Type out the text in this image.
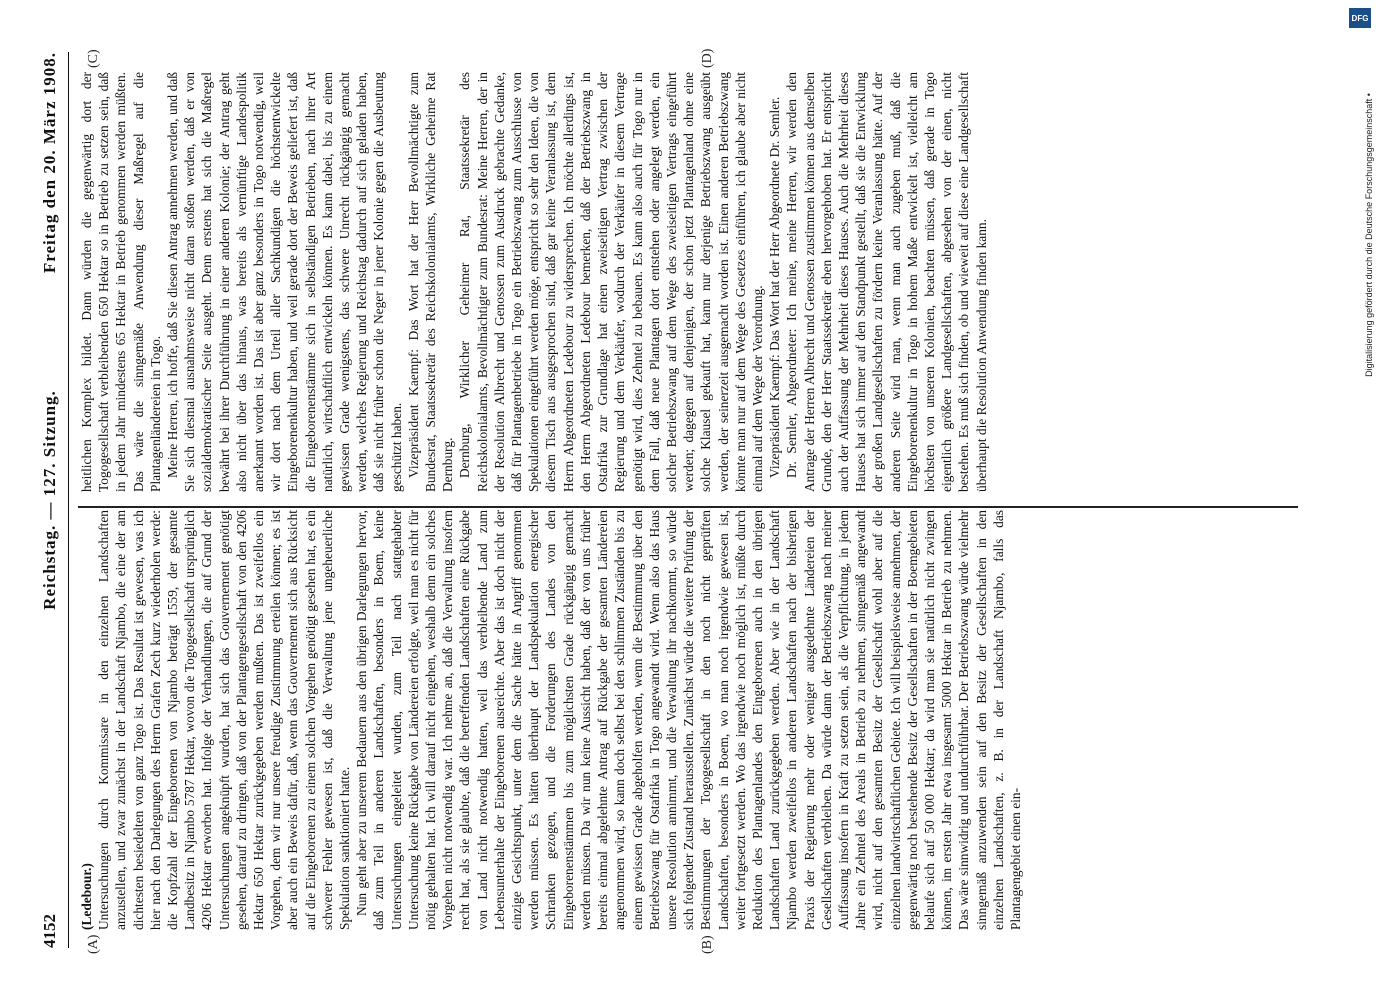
4152
Reichstag. — 127. Sitzung.
Freitag den 20. März 1908.
(A)	(B)
(C)	(D)

(Ledebour.) Untersuchungen durch Kommissare in den einzelnen Landschaften anzustellen, und zwar zunächst in der Landschaft Njambo, die eine der am dichtesten besiedelten von ganz Togo ist. Das Resultat ist gewesen, was ich hier nach den Darlegungen des Herrn Grafen Zech kurz wiederholen werde: die Kopfzahl der Eingeborenen von Njambo beträgt 1559, der gesamte Landbesitz in Njambo 5787 Hektar, wovon die Togogesellschaft ursprünglich 4206 Hektar erworben hat. Infolge der Verhandlungen, die auf Grund der Untersuchungen angeknüpft wurden, hat sich das Gouvernement genötigt gesehen, darauf zu dringen, daß von der Plantagengesellschaft von den 4206 Hektar 650 Hektar zurückgegeben werden mußten. Das ist zweifellos ein Vorgehen, dem wir nur unsere freudige Zustimmung erteilen können; es ist aber auch ein Beweis dafür, daß, wenn das Gouvernement sich aus Rücksicht auf die Eingeborenen zu einem solchen Vorgehen genötigt gesehen hat, es ein schwerer Fehler gewesen ist, daß die Verwaltung jene ungeheuerliche Spekulation sanktioniert hatte. Nun geht aber zu unserem Bedauern aus den übrigen Darlegungen hervor, daß zum Teil in anderen Landschaften, besonders in Boem, keine Untersuchungen eingeleitet wurden, zum Teil nach stattgehabter Untersuchung keine Rückgabe von Ländereien erfolgte, weil man es nicht für nötig gehalten hat. Ich will darauf nicht eingehen, weshalb denn ein solches Vorgehen nicht notwendig war. Ich nehme an, daß die Verwaltung insofern recht hat, als sie glaubte, daß die betreffenden Landschaften eine Rückgabe von Land nicht notwendig hatten, weil das verbleibende Land zum Lebensunterhalte der Eingeborenen ausreichte. Aber das ist doch nicht der einzige Gesichtspunkt, unter dem die Sache hätte in Angriff genommen werden müssen. Es hätten überhaupt der Landspekulation energischer Schranken gezogen, und die Forderungen des Landes von den Eingeborenenstämmen bis zum möglichsten Grade rückgängig gemacht werden müssen. Da wir nun keine Aussicht haben, daß der von uns früher bereits einmal abgelehnte Antrag auf Rückgabe der gesamten Ländereien angenommen wird, so kann doch selbst bei den schlimmen Zuständen bis zu einem gewissen Grade abgeholfen werden, wenn die Bestimmung über den Betriebszwang für Ostafrika in Togo angewandt wird. Wenn also das Haus unsere Resolution annimmt, und die Verwaltung ihr nachkommt, so würde sich folgender Zustand herausstellen. Zunächst würde die weitere Prüfung der Bestimmungen der Togogesellschaft in den noch nicht geprüften Landschaften, besonders in Boem, wo man noch irgendwie gewesen ist, weiter fortgesetzt werden. Wo das irgendwie noch möglich ist, müßte durch Reduktion des Plantagenlandes den Eingeborenen auch in den übrigen Landschaften Land zurückgegeben werden. Aber wie in der Landschaft Njambo werden zweifellos in anderen Landschaften nach der bisherigen Praxis der Regierung mehr oder weniger ausgedehnte Ländereien der Gesellschaften verbleiben. Da würde dann der Betriebszwang nach meiner Auffassung insofern in Kraft zu setzen sein, als die Verpflichtung, in jedem Jahre ein Zehntel des Areals in Betrieb zu nehmen, sinngemäß angewandt wird, nicht auf den gesamten Besitz der Gesellschaft wohl aber auf die einzelnen landwirtschaftlichen Gebiete. Ich will beispielsweise annehmen, der gegenwärtig noch bestehende Besitz der Gesellschaften in der Boemgebieten belaufe sich auf 50 000 Hektar; da wird man sie natürlich nicht zwingen können, im ersten Jahr etwa insgesamt 5000 Hektar in Betrieb zu nehmen. Das wäre sinnwidrig und undurchführbar. Der Betriebszwang würde vielmehr sinngemäß anzuwenden sein auf den Besitz der Gesellschaften in den einzelnen Landschaften, z. B. in der Landschaft Njambo, falls das Plantagengebiet einen ein-

heitlichen Komplex bildet. Dann würden die gegenwärtig dort der Togogesellschaft verbleibenden 650 Hektar so in Betrieb zu setzen sein, daß in jedem Jahr mindestens 65 Hektar in Betrieb genommen werden müßten. Das wäre die sinngemäße Anwendung dieser Maßregel auf die Plantagenländereien in Togo. Meine Herren, ich hoffe, daß Sie diesen Antrag annehmen werden, und daß Sie sich diesmal ausnahmsweise nicht daran stoßen werden, daß er von sozialdemokratischer Seite ausgeht. Denn erstens hat sich die Maßregel bewährt bei ihrer Durchführung in einer anderen Kolonie; der Antrag geht also nicht über das hinaus, was bereits als vernünftige Landespolitik anerkannt worden ist. Das ist aber ganz besonders in Togo notwendig, weil wir dort nach dem Urteil aller Sachkundigen die höchstentwickelte Eingeborenenkultur haben, und weil gerade dort der Beweis geliefert ist, daß die Eingeborenenstämme sich in selbständigen Betrieben, nach ihrer Art natürlich, wirtschaftlich entwickeln können. Es kann dabei, bis zu einem gewissen Grade wenigstens, das schwere Unrecht rückgängig gemacht werden, welches Regierung und Reichstag dadurch auf sich geladen haben, daß sie nicht früher schon die Neger in jener Kolonie gegen die Ausbeutung geschützt haben. Vizepräsident Kaempf: Das Wort hat der Herr Bevollmächtigte zum Bundesrat, Staatssekretär des Reichskolonialamts, Wirkliche Geheime Rat Dernburg. Dernburg, Wirklicher Geheimer Rat, Staatssekretär des Reichskolonialamts, Bevollmächtigter zum Bundesrat: Meine Herren, der in der Resolution Albrecht und Genossen zum Ausdruck gebrachte Gedanke, daß für Plantagenbetriebe in Togo ein Betriebszwang zum Ausschlusse von Spekulationen eingeführt werden möge, entspricht so sehr den Ideen, die von diesem Tisch aus ausgesprochen sind, daß gar keine Veranlassung ist, dem Herrn Abgeordneten Ledebour zu widersprechen. Ich möchte allerdings ist, den Herrn Abgeordneten Ledebour bemerken, daß der Betriebszwang in Ostafrika zur Grundlage hat einen zweiseitigen Vertrag zwischen der Regierung und dem Verkäufer, wodurch der Verkäufer in diesem Vertrage genötigt wird, dies Zehntel zu bebauen. Es kann also auch für Togo nur in dem Fall, daß neue Plantagen dort entstehen oder angelegt werden, ein solcher Betriebszwang auf dem Wege des zweiseitigen Vertrags eingeführt werden; dagegen auf denjenigen, der schon jetzt Plantagenland ohne eine solche Klausel gekauft hat, kann nur derjenige Betriebszwang ausgeübt werden, der seinerzeit ausgemacht worden ist. Einen anderen Betriebszwang könnte man nur auf dem Wege des Gesetzes einführen, ich glaube aber nicht einmal auf dem Wege der Verordnung. Vizepräsident Kaempf: Das Wort hat der Herr Abgeordnete Dr. Semler. Dr. Semler, Abgeordneter: Ich meine, meine Herren, wir werden den Antrage der Herren Albrecht und Genossen zustimmen können aus demselben Grunde, den der Herr Staatssekretär eben hervorgehoben hat. Er entspricht auch der Auffassung der Mehrheit dieses Hauses. Auch die Mehrheit dieses Hauses hat sich immer auf den Standpunkt gestellt, daß sie die Entwicklung der großen Landgesellschaften zu fördern keine Veranlassung hätte. Auf der anderen Seite wird man, wenn man auch zugeben muß, daß die Eingeborenenkultur in Togo in hohem Maße entwickelt ist, vielleicht am höchsten von unseren Kolonien, beachten müssen, daß gerade in Togo eigentlich größere Landgesellschaften, abgesehen von der einen, nicht bestehen. Es muß sich finden, ob und wieweit auf diese eine Landgesellschaft überhaupt die Resolution Anwendung finden kann.

DFG
Digitalisierung gefördert durch die Deutsche Forschungsgemeinschaft •
